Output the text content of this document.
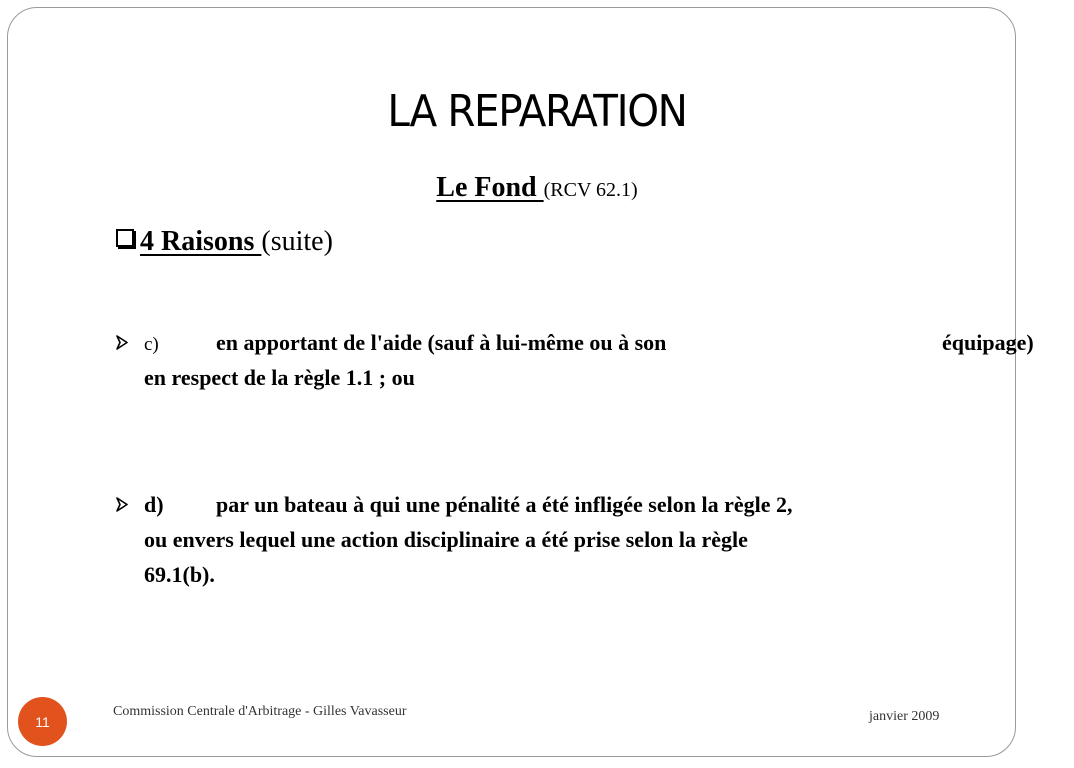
LA REPARATION
Le Fond (RCV 62.1)
4 Raisons (suite)
c)	en apportant de l'aide (sauf à lui-même ou à son	équipage)
en respect de la règle 1.1 ; ou
d) par un bateau à qui une pénalité a été infligée selon la règle 2,
ou envers lequel une action disciplinaire a été prise selon la règle
69.1(b).
11
Commission Centrale d'Arbitrage - Gilles Vavasseur	janvier 2009
